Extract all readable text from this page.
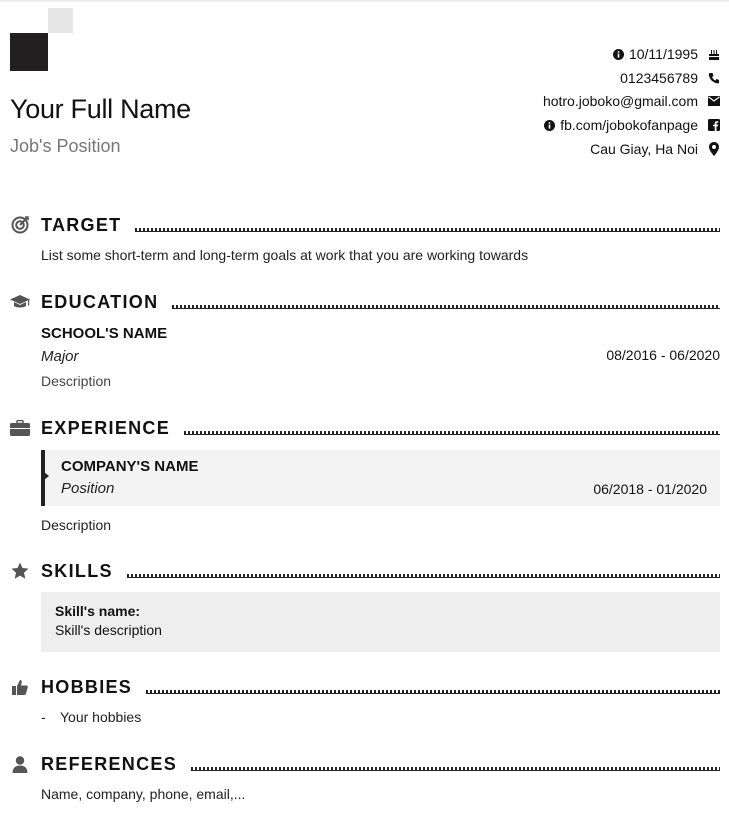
Your Full Name
Job's Position
10/11/1995
0123456789
hotro.joboko@gmail.com
fb.com/jobokofanpage
Cau Giay, Ha Noi
TARGET
List some short-term and long-term goals at work that you are working towards
EDUCATION
SCHOOL'S NAME
Major
Description
08/2016 - 06/2020
EXPERIENCE
COMPANY'S NAME
Position	06/2018 - 01/2020
Description
SKILLS
Skill's name:
Skill's description
HOBBIES
- Your hobbies
REFERENCES
Name, company, phone, email,...
